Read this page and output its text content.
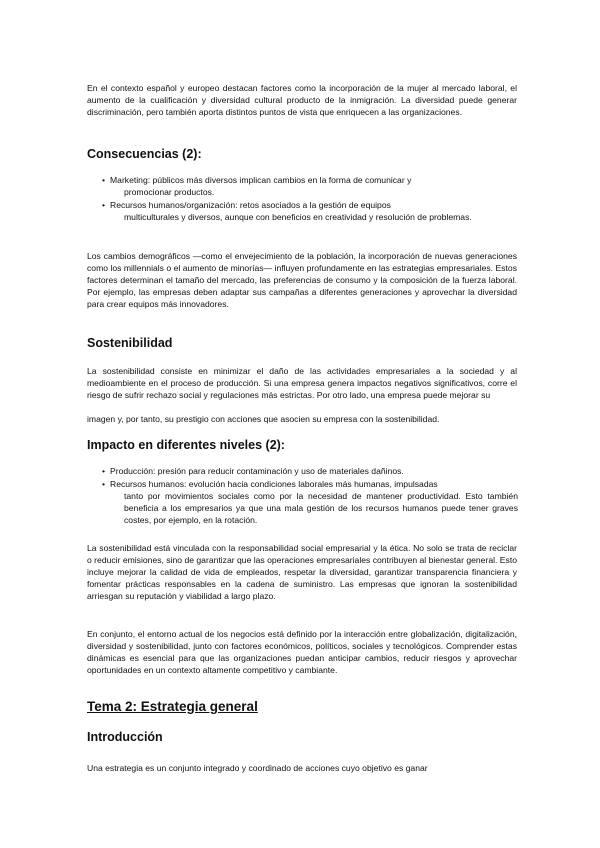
En el contexto español y europeo destacan factores como la incorporación de la mujer al mercado laboral, el aumento de la cualificación y diversidad cultural producto de la inmigración. La diversidad puede generar discriminación, pero también aporta distintos puntos de vista que enriquecen a las organizaciones.

Consecuencias (2):
• Marketing: públicos más diversos implican cambios en la forma de comunicar y
promocionar productos.
• Recursos humanos/organización: retos asociados a la gestión de equipos
multiculturales y diversos, aunque con beneficios en creatividad y resolución de problemas.

Los cambios demográficos —como el envejecimiento de la población, la incorporación de nuevas generaciones como los millennials o el aumento de minorías— influyen profundamente en las estrategias empresariales. Estos factores determinan el tamaño del mercado, las preferencias de consumo y la composición de la fuerza laboral. Por ejemplo, las empresas deben adaptar sus campañas a diferentes generaciones y aprovechar la diversidad para crear equipos más innovadores.

Sostenibilidad

La sostenibilidad consiste en minimizar el daño de las actividades empresariales a la sociedad y al medioambiente en el proceso de producción. Si una empresa genera impactos negativos significativos, corre el riesgo de sufrir rechazo social y regulaciones más estrictas. Por otro lado, una empresa puede mejorar su

imagen y, por tanto, su prestigio con acciones que asocien su empresa con la sostenibilidad.

Impacto en diferentes niveles (2):
• Producción: presión para reducir contaminación y uso de materiales dañinos.
• Recursos humanos: evolución hacia condiciones laborales más humanas, impulsadas
tanto por movimientos sociales como por la necesidad de mantener productividad. Esto también beneficia a los empresarios ya que una mala gestión de los recursos humanos puede tener graves costes, por ejemplo, en la rotación.

La sostenibilidad está vinculada con la responsabilidad social empresarial y la ética. No solo se trata de reciclar o reducir emisiones, sino de garantizar que las operaciones empresariales contribuyen al bienestar general. Esto incluye mejorar la calidad de vida de empleados, respetar la diversidad, garantizar transparencia financiera y fomentar prácticas responsables en la cadena de suministro. Las empresas que ignoran la sostenibilidad arriesgan su reputación y viabilidad a largo plazo.

En conjunto, el entorno actual de los negocios está definido por la interacción entre globalización, digitalización, diversidad y sostenibilidad, junto con factores económicos, políticos, sociales y tecnológicos. Comprender estas dinámicas es esencial para que las organizaciones puedan anticipar cambios, reducir riesgos y aprovechar oportunidades en un contexto altamente competitivo y cambiante.

Tema 2: Estrategia general
Introducción

Una estrategia es un conjunto integrado y coordinado de acciones cuyo objetivo es ganar
